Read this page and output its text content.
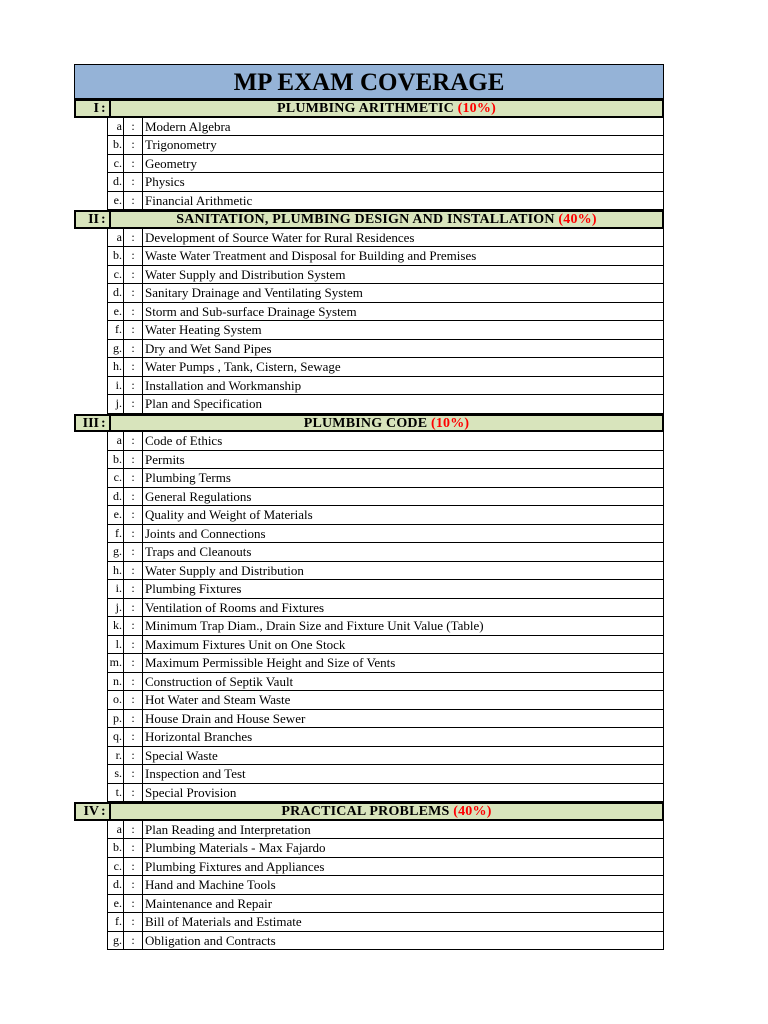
MP EXAM COVERAGE
I :	PLUMBING ARITHMETIC (10%)
a : Modern Algebra
b. : Trigonometry
c. : Geometry
d. : Physics
e. : Financial Arithmetic
II :	SANITATION, PLUMBING DESIGN AND INSTALLATION (40%)
a : Development of Source Water for Rural Residences
b. : Waste Water Treatment and Disposal for Building and Premises
c. : Water Supply and Distribution System
d. : Sanitary Drainage and Ventilating System
e. : Storm and Sub-surface Drainage System
f. : Water Heating System
g. : Dry and Wet Sand Pipes
h. : Water Pumps , Tank, Cistern, Sewage
i. : Installation and Workmanship
j. : Plan and Specification
III :	PLUMBING CODE (10%)
a : Code of Ethics
b. : Permits
c. : Plumbing Terms
d. : General Regulations
e. : Quality and Weight of Materials
f. : Joints and Connections
g. : Traps and Cleanouts
h. : Water Supply and Distribution
i. : Plumbing Fixtures
j. : Ventilation of Rooms and Fixtures
k. : Minimum Trap Diam., Drain Size and Fixture Unit Value (Table)
l. : Maximum Fixtures Unit on One Stock
m. : Maximum Permissible Height and Size of Vents
n. : Construction of Septik Vault
o. : Hot Water and Steam Waste
p. : House Drain and House Sewer
q. : Horizontal Branches
r. : Special Waste
s. : Inspection and Test
t. : Special Provision
IV :	PRACTICAL PROBLEMS (40%)
a : Plan Reading and Interpretation
b. : Plumbing Materials - Max Fajardo
c. : Plumbing Fixtures and Appliances
d. : Hand and Machine Tools
e. : Maintenance and Repair
f. : Bill of Materials and Estimate
g. : Obligation and Contracts
